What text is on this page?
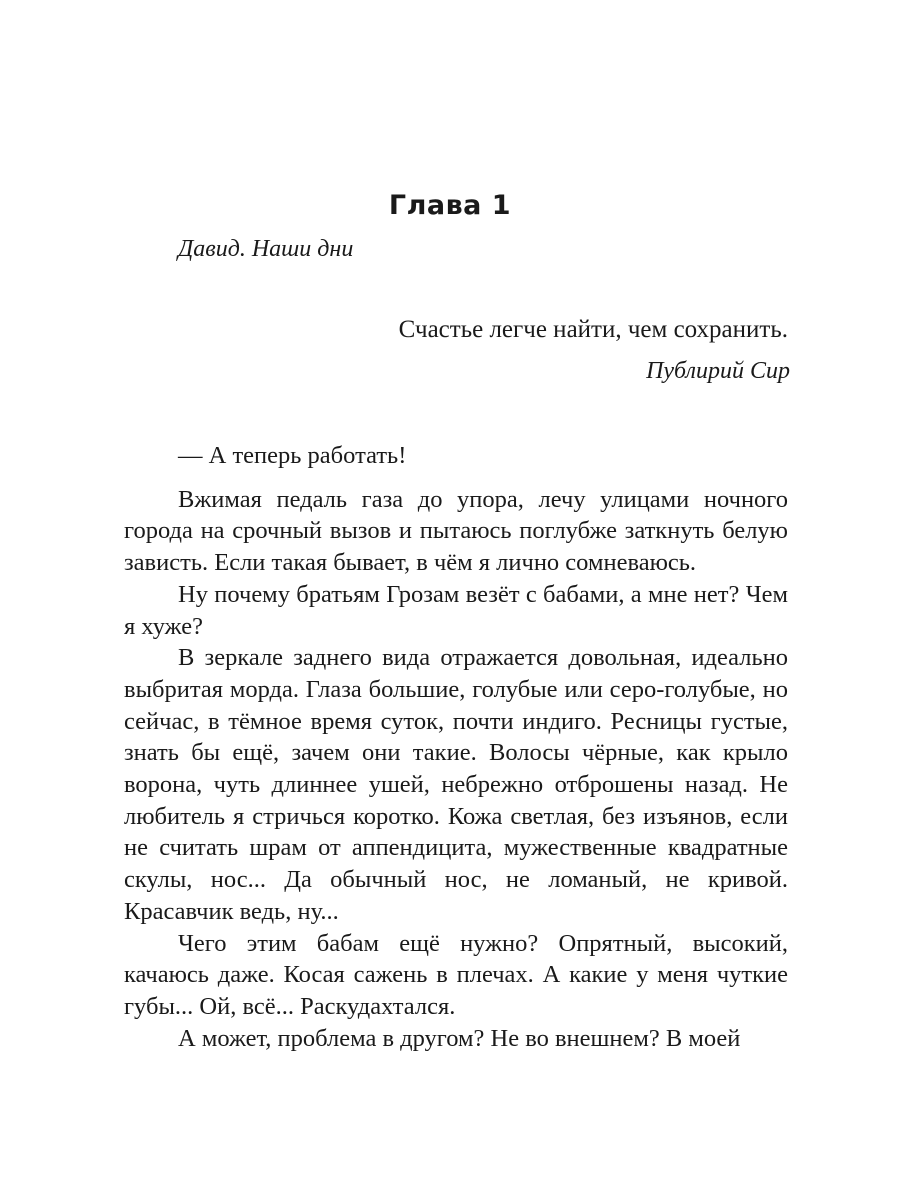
Глава 1
Давид. Наши дни
Счастье легче найти, чем сохранить.
Публирий Сир

— А теперь работать!

Вжимая педаль газа до упора, лечу улицами ночного города на срочный вызов и пытаюсь поглубже заткнуть белую зависть. Если такая бывает, в чём я лично сомневаюсь.

Ну почему братьям Грозам везёт с бабами, а мне нет? Чем я хуже?

В зеркале заднего вида отражается довольная, идеально выбритая морда. Глаза большие, голубые или серо-голубые, но сейчас, в тёмное время суток, почти индиго. Ресницы густые, знать бы ещё, зачем они такие. Волосы чёрные, как крыло ворона, чуть длиннее ушей, небрежно отброшены назад. Не любитель я стричься коротко. Кожа светлая, без изъянов, если не считать шрам от аппендицита, мужественные квадратные скулы, нос... Да обычный нос, не ломаный, не кривой. Красавчик ведь, ну...

Чего этим бабам ещё нужно? Опрятный, высокий, качаюсь даже. Косая сажень в плечах. А какие у меня чуткие губы... Ой, всё... Раскудахтался.

А может, проблема в другом? Не во внешнем? В моей
